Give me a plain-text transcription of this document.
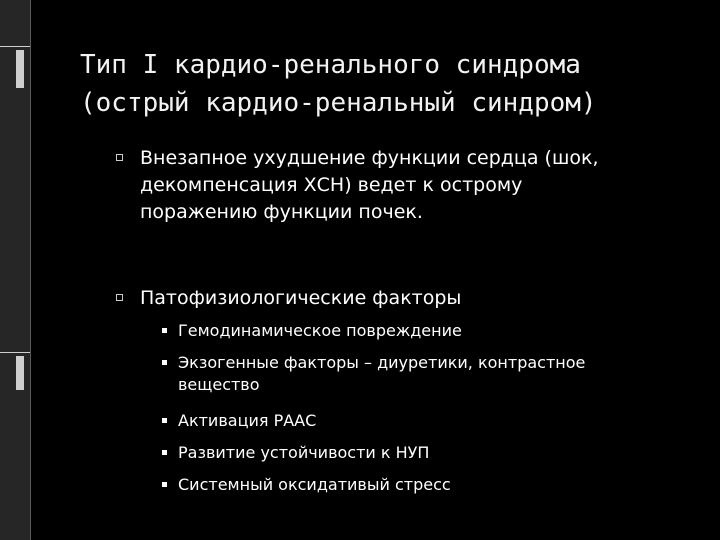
Тип I кардио-ренального синдрома
(острый кардио-ренальный синдром)
Внезапное ухудшение функции сердца (шок,
декомпенсация ХСН) ведет к острому
поражению функции почек.
Патофизиологические факторы
Гемодинамическое повреждение
Экзогенные факторы – диуретики, контрастное
вещество
Активация РААС
Развитие устойчивости к НУП
Системный оксидативый стресс
